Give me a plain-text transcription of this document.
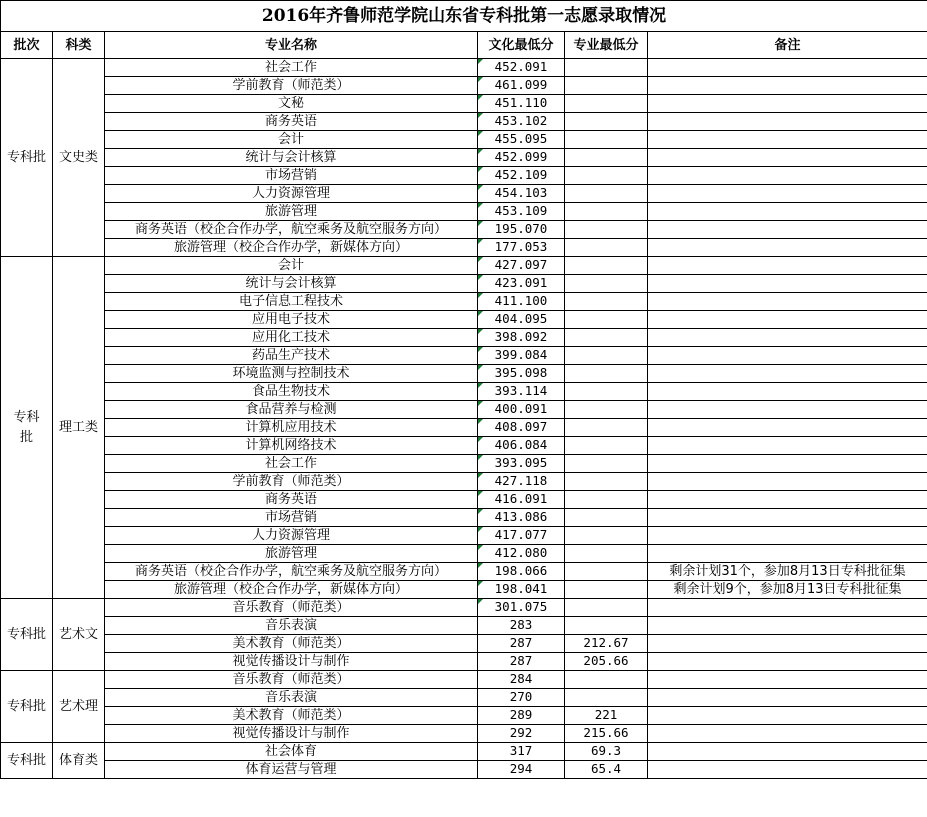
2016年齐鲁师范学院山东省专科批第一志愿录取情况					
批次	科类	专业名称	文化最低分	专业最低分	备注
专科批	文史类	社会工作	452.091		
		学前教育（师范类）	461.099		
		文秘	451.110		
		商务英语	453.102		
		会计	455.095		
		统计与会计核算	452.099		
		市场营销	452.109		
		人力资源管理	454.103		
		旅游管理	453.109		
		商务英语（校企合作办学，航空乘务及航空服务方向）	195.070		
		旅游管理（校企合作办学，新媒体方向）	177.053		
专科批	理工类	会计	427.097		
		统计与会计核算	423.091		
		电子信息工程技术	411.100		
		应用电子技术	404.095		
		应用化工技术	398.092		
		药品生产技术	399.084		
		环境监测与控制技术	395.098		
		食品生物技术	393.114		
		食品营养与检测	400.091		
		计算机应用技术	408.097		
		计算机网络技术	406.084		
		社会工作	393.095		
		学前教育（师范类）	427.118		
		商务英语	416.091		
		市场营销	413.086		
		人力资源管理	417.077		
		旅游管理	412.080		
		商务英语（校企合作办学，航空乘务及航空服务方向）	198.066		剩余计划31个，参加8月13日专科批征集
		旅游管理（校企合作办学，新媒体方向）	198.041		剩余计划9个，参加8月13日专科批征集
专科批	艺术文	音乐教育（师范类）	301.075		
		音乐表演	283		
		美术教育（师范类）	287	212.67	
		视觉传播设计与制作	287	205.66	
专科批	艺术理	音乐教育（师范类）	284		
		音乐表演	270		
		美术教育（师范类）	289	221	
		视觉传播设计与制作	292	215.66	
专科批	体育类	社会体育	317	69.3	
		体育运营与管理	294	65.4	
